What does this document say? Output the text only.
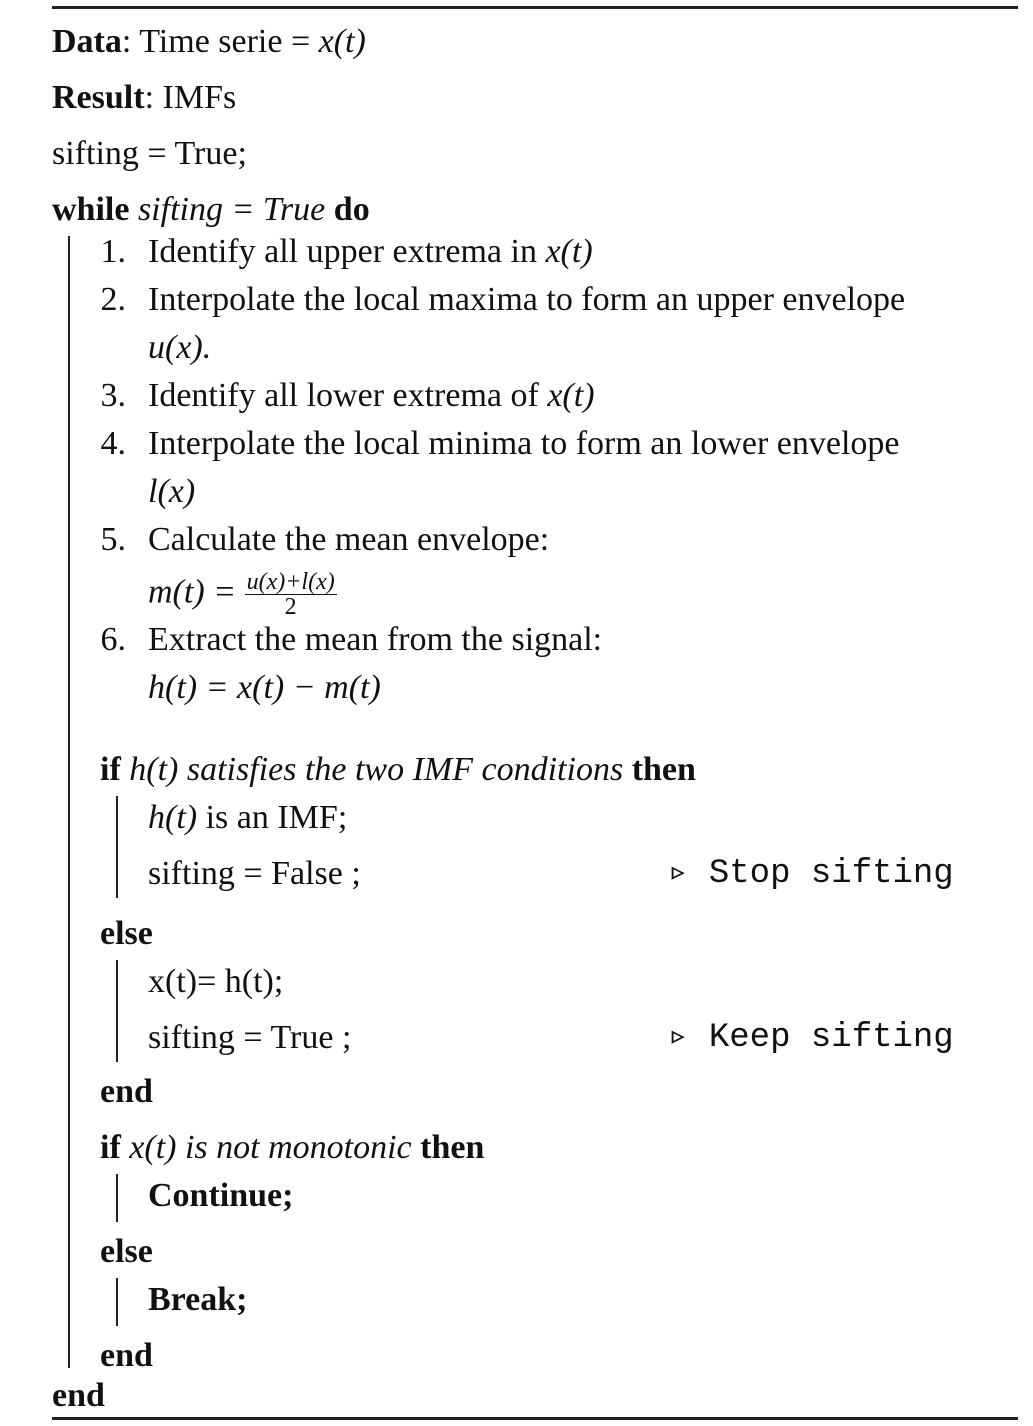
Data: Time serie = x(t)
Result: IMFs
sifting = True;
while sifting = True do
1. Identify all upper extrema in x(t)
2. Interpolate the local maxima to form an upper envelope
u(x).
3. Identify all lower extrema of x(t)
4. Interpolate the local minima to form an lower envelope
l(x)
5. Calculate the mean envelope:
$m(t) = \frac{u(x)+l(x)}{2}$
6. Extract the mean from the signal:
h(t) = x(t) − m(t)
if h(t) satisfies the two IMF conditions then
h(t) is an IMF;
sifting = False ;	▹ Stop sifting
else
x(t)= h(t);
sifting = True ;	▹ Keep sifting
end
if x(t) is not monotonic then
Continue;
else
Break;
end
end
